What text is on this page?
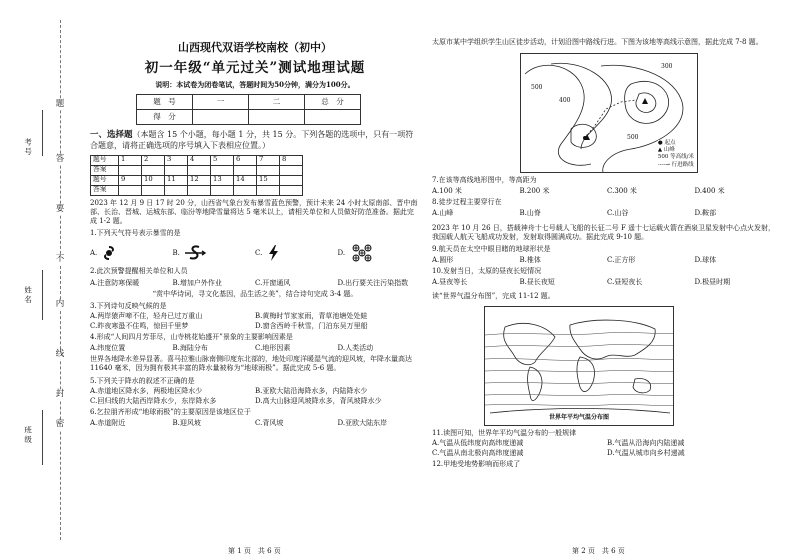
考号
姓名
班级
密
封
线
内
不
要
答
题
山西现代双语学校南校（初中）
初一年级“单元过关”测试地理试题
说明：本试卷为闭卷笔试，答题时间为50分钟，满分为100分。
题　号	一	二	总　分
得　分			
一、选择题（本题含 15 个小题，每小题 1 分，共 15 分。下列各题的选项中，只有一项符合题意，请将正确选项的序号填入下表相应位置。）
题号	1	2	3	4	5	6	7	8
答案								
题号	9	10	11	12	13	14	15	
答案								
2023 年 12 月 9 日 17 时 20 分，山西省气象台发布暴雪蓝色预警，预计未来 24 小时太原南部、晋中南部、长治、晋城、运城东部、临汾等地降雪量将达 5 毫米以上，请相关单位和人员做好防范准备。据此完成 1-2 题。
1.下列天气符号表示暴雪的是
A.	B.	C.	D.
2.此次预警提醒相关单位和人员
A.注意防寒保暖	B.增加户外作业	C.开窗通风	D.出行要关注污染指数
“赏中华诗词，寻文化基因，品生活之美”，结合诗句完成 3-4 题。
3.下列诗句反映气候的是
A.两岸猿声啼不住，轻舟已过万重山	B.黄梅时节家家雨，青草池塘处处蛙
C.昨夜寒蛩不住鸣，惊回千里梦	D.窗含西岭千秋雪，门泊东吴万里船
4.形成“人间四月芳菲尽，山寺桃花始盛开”景象的主要影响因素是
A.纬度位置	B.海陆分布	C.地形因素	D.人类活动
世界各地降水差异显著。喜马拉雅山脉南侧印度东北部的，地处印度洋暖湿气流的迎风坡，年降水量高达 11640 毫米，因为拥有极其丰富的降水量被称为“地球雨极”。据此完成 5-6 题。
5.下列关于降水的叙述不正确的是
A.赤道地区降水多，两极地区降水少	B.亚欧大陆沿海降水多，内陆降水少
C.回归线的大陆西岸降水少，东岸降水多	D.高大山脉迎风坡降水多，背风坡降水少
6.乞拉朋齐形成“地球雨极”的主要原因是该地区位于
A.赤道附近	B.迎风坡	C.背风坡	D.亚欧大陆东岸
第 1 页　共 6 页
太原市某中学组织学生山区徒步活动，计划沿图中路线行进。下图为该地等高线示意图，据此完成 7-8 题。
500
400
500
300
● 起点
▲ 山峰
500 等高线/米
----→ 行进路线
7.在该等高线地形图中，等高距为
A.100 米	B.200 米	C.300 米	D.400 米
8.徒步过程主要穿行在
A.山峰	B.山脊	C.山谷	D.鞍部
2023 年 10 月 26 日，搭载神舟十七号载人飞船的长征二号 F 遥十七运载火箭在酒泉卫星发射中心点火发射，我国载人航天飞船成功发射，发射取得圆满成功。据此完成 9-10 题。
9.航天员在太空中眼目睹的地球形状是
A.圆形	B.椎体	C.正方形	D.球体
10.发射当日，太原的昼夜长短情况
A.昼夜等长	B.昼长夜短	C.昼短夜长	D.极昼时期
读“世界气温分布图”，完成 11-12 题。
世界年平均气温分布图
11.读图可知，世界年平均气温分布的一般规律
A.气温从低纬度向高纬度递减	B.气温从沿海向内陆递减
C.气温从南北极向高纬度递减	D.气温从城市向乡村递减
12.甲地受地势影响而形成了
第 2 页　共 6 页
